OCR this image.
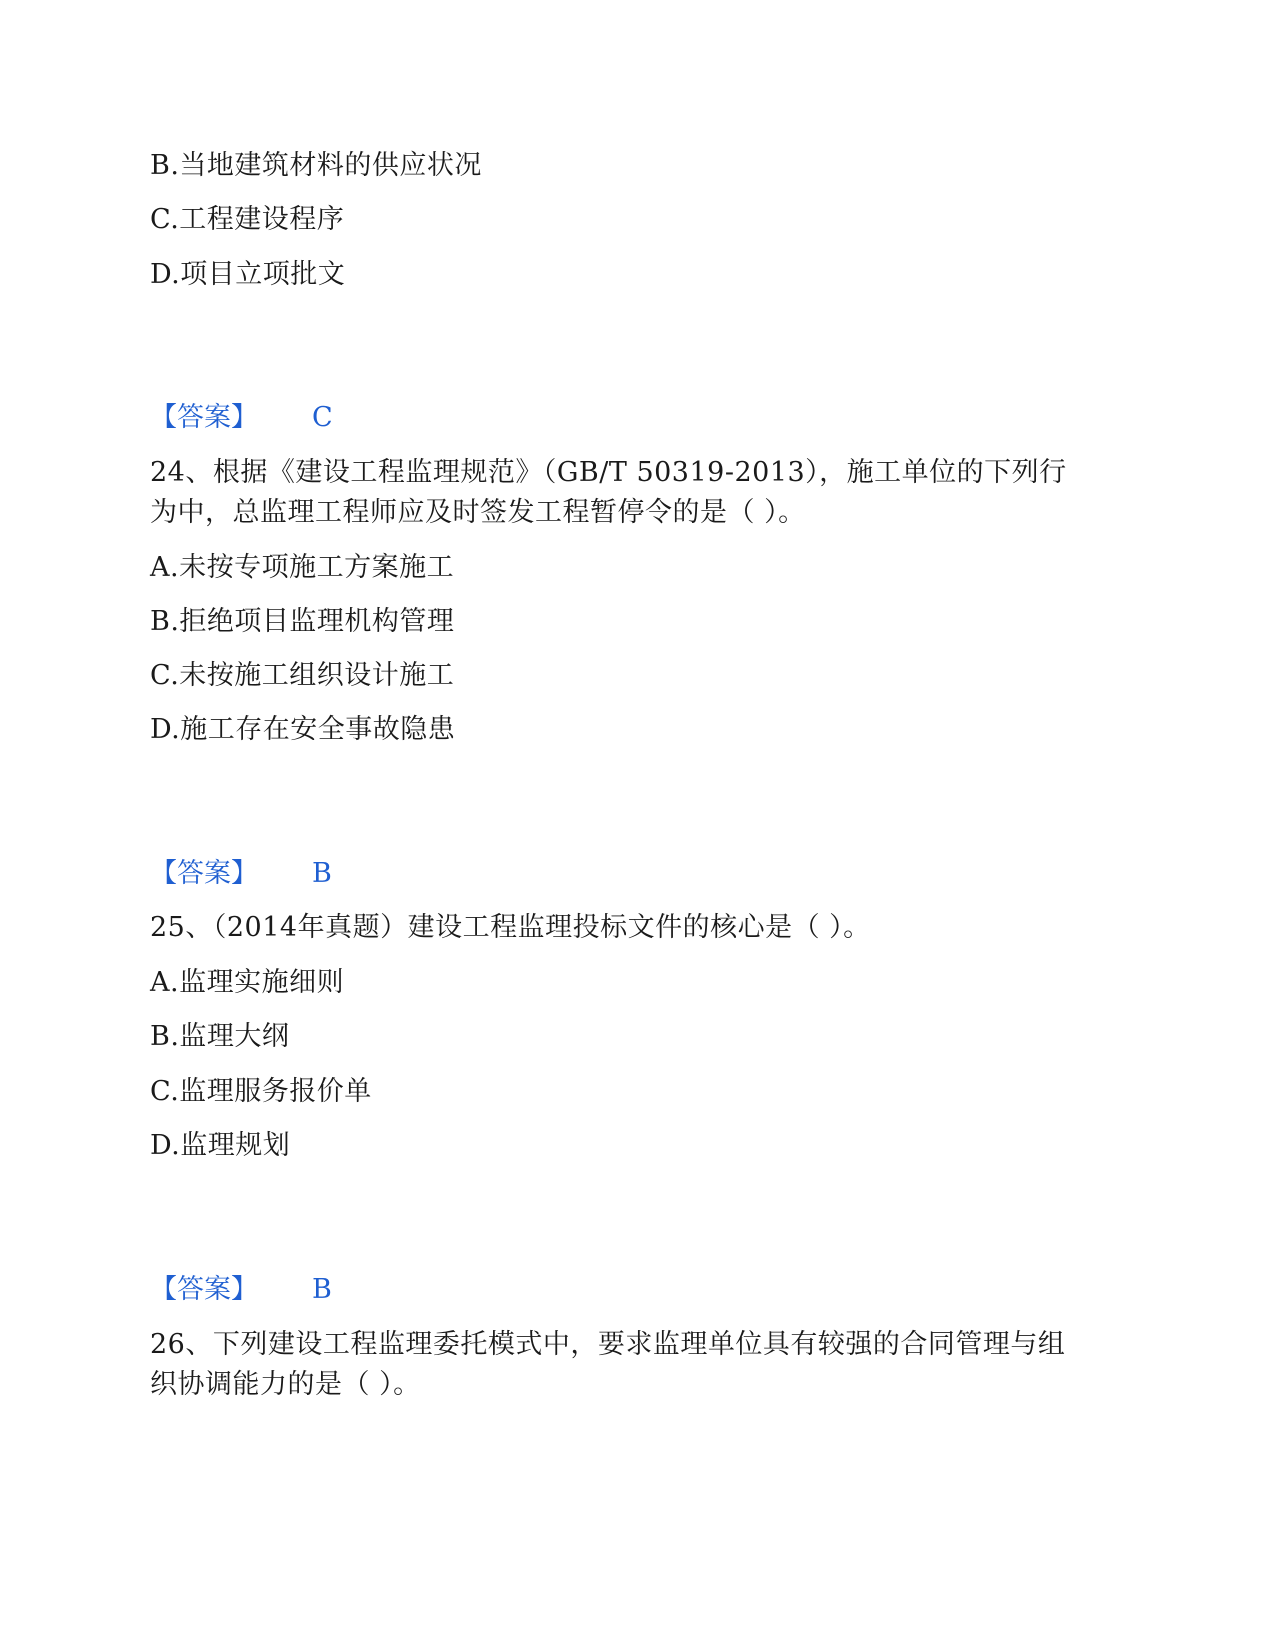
B.当地建筑材料的供应状况
C.工程建设程序
D.项目立项批文
【答案】 C
24、根据《建设工程监理规范》（GB/T 50319-2013），施工单位的下列行
为中，总监理工程师应及时签发工程暂停令的是（ ）。
A.未按专项施工方案施工
B.拒绝项目监理机构管理
C.未按施工组织设计施工
D.施工存在安全事故隐患
【答案】 B
25、（2014年真题）建设工程监理投标文件的核心是（ ）。
A.监理实施细则
B.监理大纲
C.监理服务报价单
D.监理规划
【答案】 B
26、下列建设工程监理委托模式中，要求监理单位具有较强的合同管理与组
织协调能力的是（ ）。
